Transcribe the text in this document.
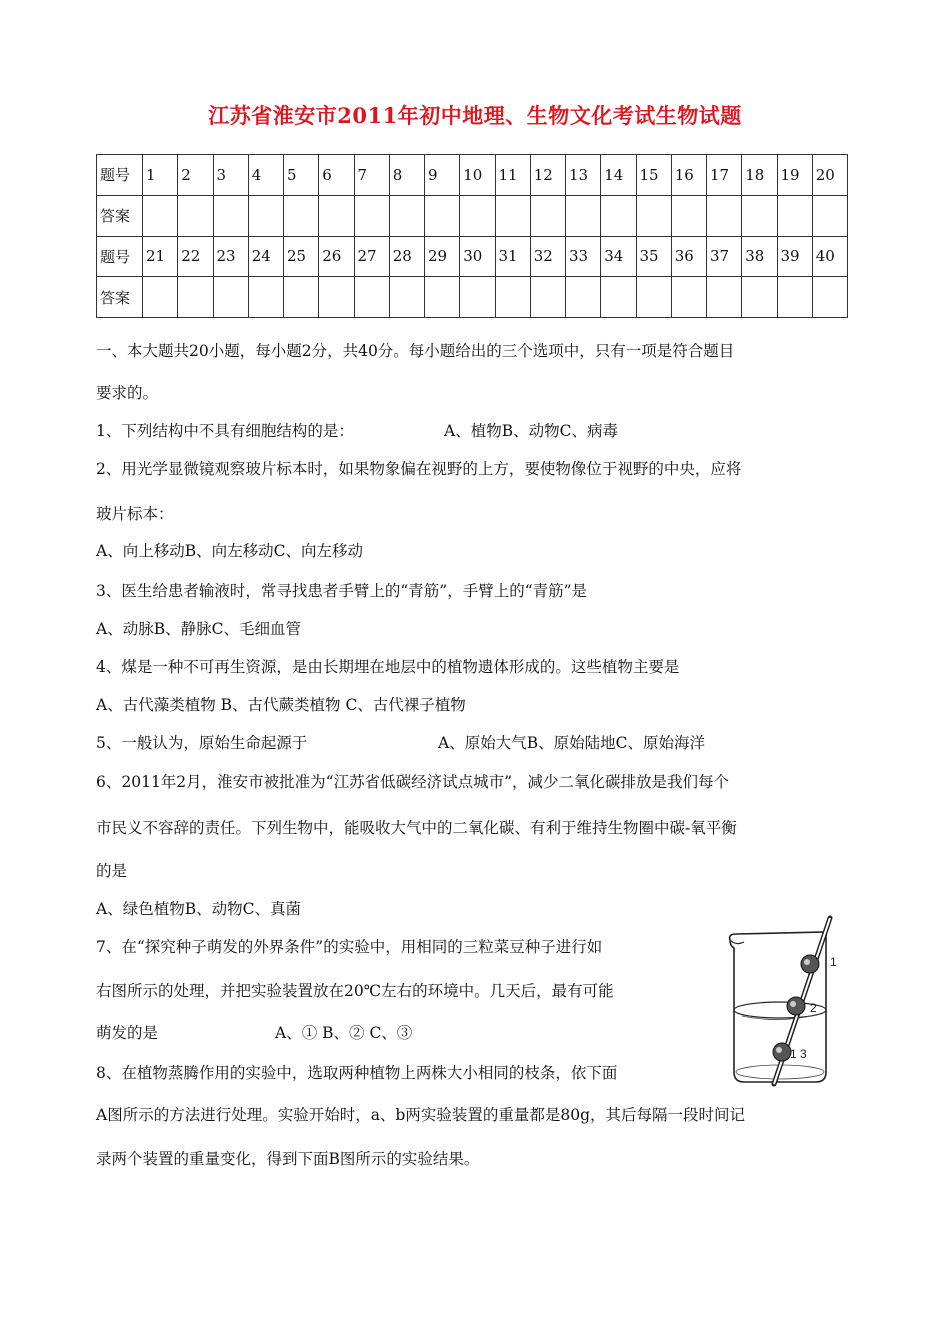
江苏省淮安市2011年初中地理、生物文化考试生物试题
题号	1	2	3	4	5	6	7	8	9	10	11	12	13	14	15	16	17	18	19	20
答案																				
题号	21	22	23	24	25	26	27	28	29	30	31	32	33	34	35	36	37	38	39	40
答案																				
一、本大题共20小题，每小题2分，共40分。每小题给出的三个选项中，只有一项是符合题目
要求的。
1、下列结构中不具有细胞结构的是：	A、植物B、动物C、病毒
2、用光学显微镜观察玻片标本时，如果物象偏在视野的上方，要使物像位于视野的中央，应将
玻片标本：
A、向上移动B、向左移动C、向左移动
3、医生给患者输液时，常寻找患者手臂上的“青筋”，手臂上的“青筋”是
A、动脉B、静脉C、毛细血管
4、煤是一种不可再生资源，是由长期埋在地层中的植物遗体形成的。这些植物主要是
A、古代藻类植物 B、古代蕨类植物 C、古代裸子植物
5、一般认为，原始生命起源于	A、原始大气B、原始陆地C、原始海洋
6、2011年2月，淮安市被批准为“江苏省低碳经济试点城市”，减少二氧化碳排放是我们每个
市民义不容辞的责任。下列生物中，能吸收大气中的二氧化碳、有利于维持生物圈中碳-氧平衡
的是
A、绿色植物B、动物C、真菌
7、在“探究种子萌发的外界条件”的实验中，用相同的三粒菜豆种子进行如
右图所示的处理，并把实验装置放在20℃左右的环境中。几天后，最有可能
萌发的是	A、① B、② C、③
8、在植物蒸腾作用的实验中，选取两种植物上两株大小相同的枝条，依下面
A图所示的方法进行处理。实验开始时，a、b两实验装置的重量都是80g，其后每隔一段时间记
录两个装置的重量变化，得到下面B图所示的实验结果。
1
2
1 3
